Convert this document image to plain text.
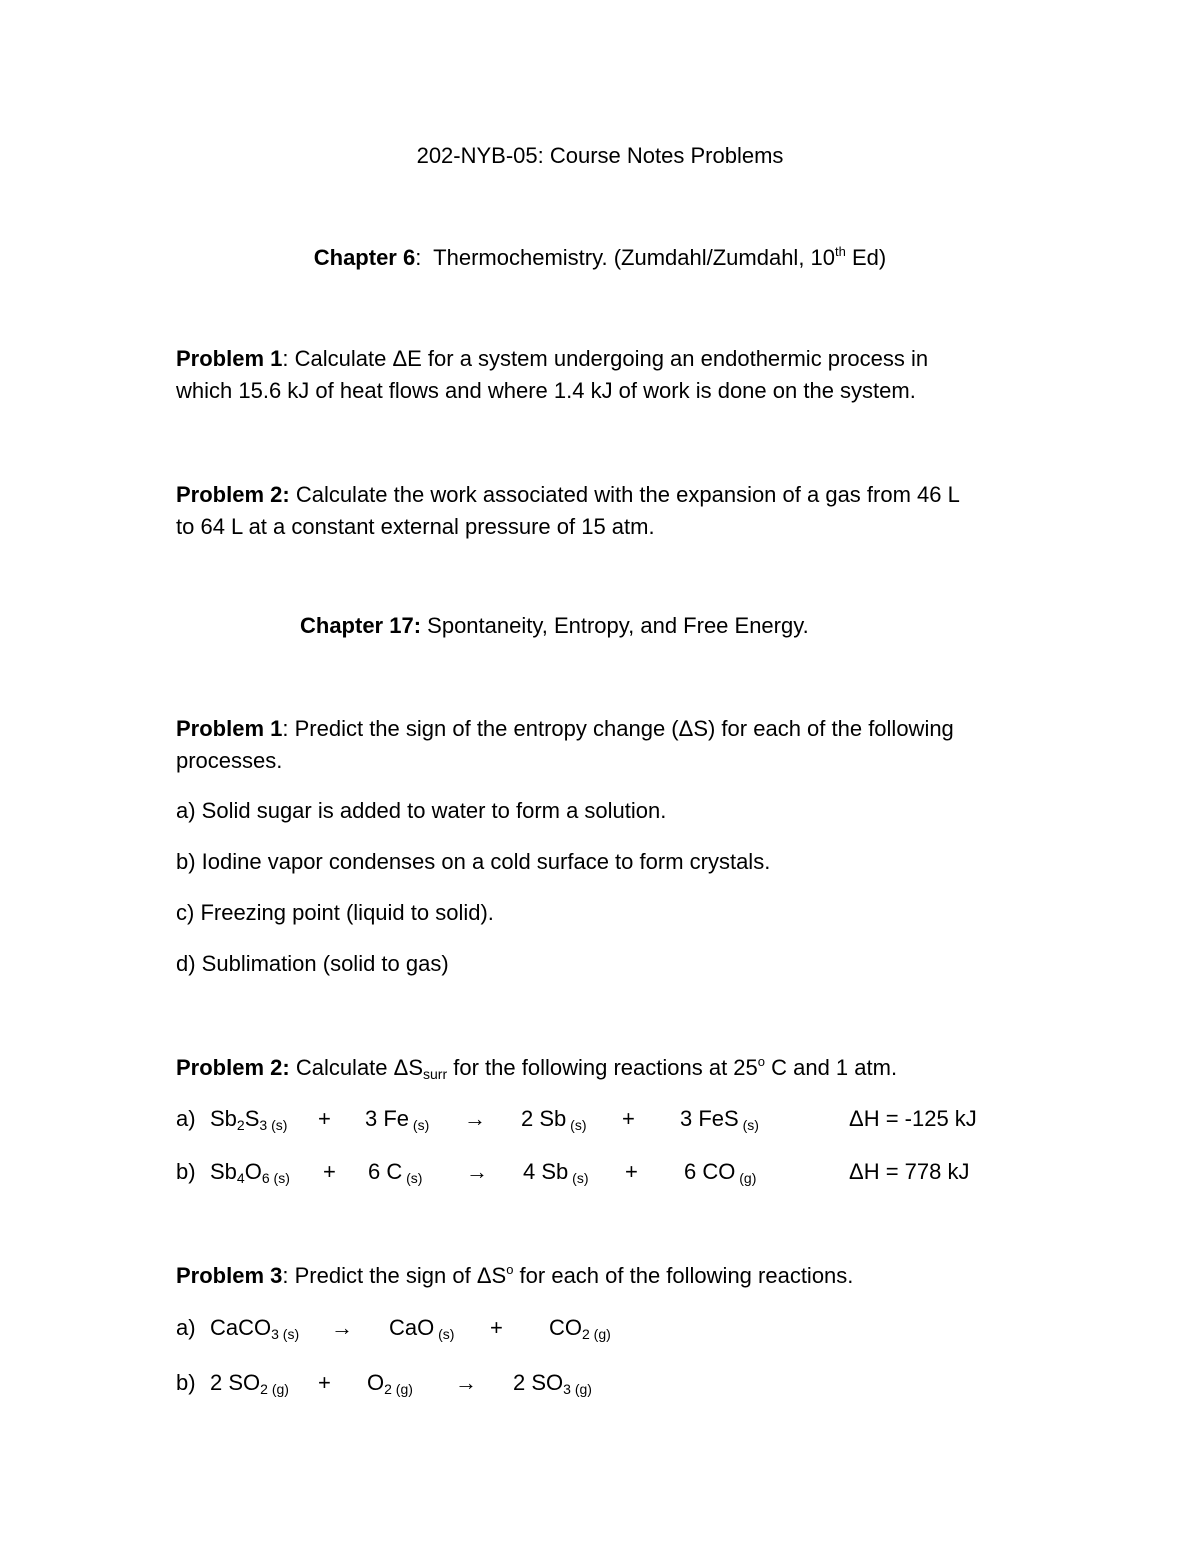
202-NYB-05: Course Notes Problems
Chapter 6:  Thermochemistry. (Zumdahl/Zumdahl, 10th Ed)
Problem 1: Calculate ΔE for a system undergoing an endothermic process in
which 15.6 kJ of heat flows and where 1.4 kJ of work is done on the system.
Problem 2: Calculate the work associated with the expansion of a gas from 46 L
to 64 L at a constant external pressure of 15 atm.
Chapter 17: Spontaneity, Entropy, and Free Energy.
Problem 1: Predict the sign of the entropy change (ΔS) for each of the following
processes.
a) Solid sugar is added to water to form a solution.
b) Iodine vapor condenses on a cold surface to form crystals.
c) Freezing point (liquid to solid).
d) Sublimation (solid to gas)
Problem 2: Calculate $\Delta S_{surr}$ for the following reactions at 25$^o$ C and 1 atm.
a) $Sb_2S_3$ $_{(s)}$ + 3 Fe $_{(s)}$ → 2 Sb $_{(s)}$ + 3 FeS $_{(s)}$	ΔH = -125 kJ
b) $Sb_4O_6$ $_{(s)}$ + 6 C $_{(s)}$ → 4 Sb $_{(s)}$ + 6 CO $_{(g)}$	ΔH = 778 kJ
Problem 3: Predict the sign of $\Delta S^o$ for each of the following reactions.
a) CaCO$_3$ $_{(s)}$ → CaO $_{(s)} + CO_2$ $_{(g)}$
b) 2 $SO_2$ $_{(g)} + O_2$ $_{(g)}$ → 2 $SO_3$ $_{(g)}$
